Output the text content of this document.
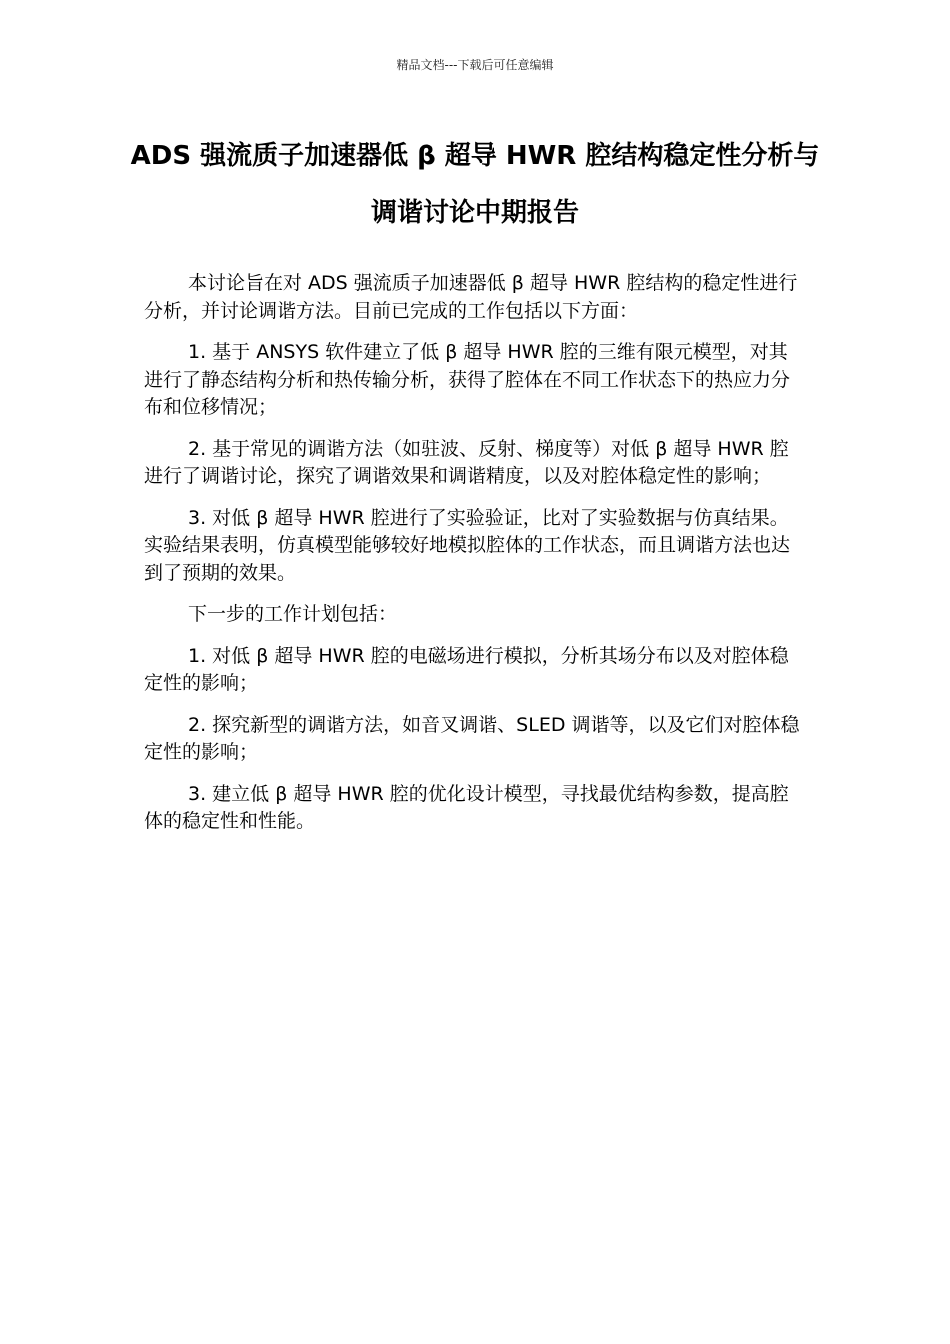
精品文档---下载后可任意编辑
ADS 强流质子加速器低 β 超导 HWR 腔结构稳定性分析与调谐讨论中期报告

本讨论旨在对 ADS 强流质子加速器低 β 超导 HWR 腔结构的稳定性进行分析，并讨论调谐方法。目前已完成的工作包括以下方面：

1. 基于 ANSYS 软件建立了低 β 超导 HWR 腔的三维有限元模型，对其进行了静态结构分析和热传输分析，获得了腔体在不同工作状态下的热应力分布和位移情况；

2. 基于常见的调谐方法（如驻波、反射、梯度等）对低 β 超导 HWR 腔进行了调谐讨论，探究了调谐效果和调谐精度，以及对腔体稳定性的影响；

3. 对低 β 超导 HWR 腔进行了实验验证，比对了实验数据与仿真结果。实验结果表明，仿真模型能够较好地模拟腔体的工作状态，而且调谐方法也达到了预期的效果。

下一步的工作计划包括：

1. 对低 β 超导 HWR 腔的电磁场进行模拟，分析其场分布以及对腔体稳定性的影响；

2. 探究新型的调谐方法，如音叉调谐、SLED 调谐等，以及它们对腔体稳定性的影响；

3. 建立低 β 超导 HWR 腔的优化设计模型，寻找最优结构参数，提高腔体的稳定性和性能。
